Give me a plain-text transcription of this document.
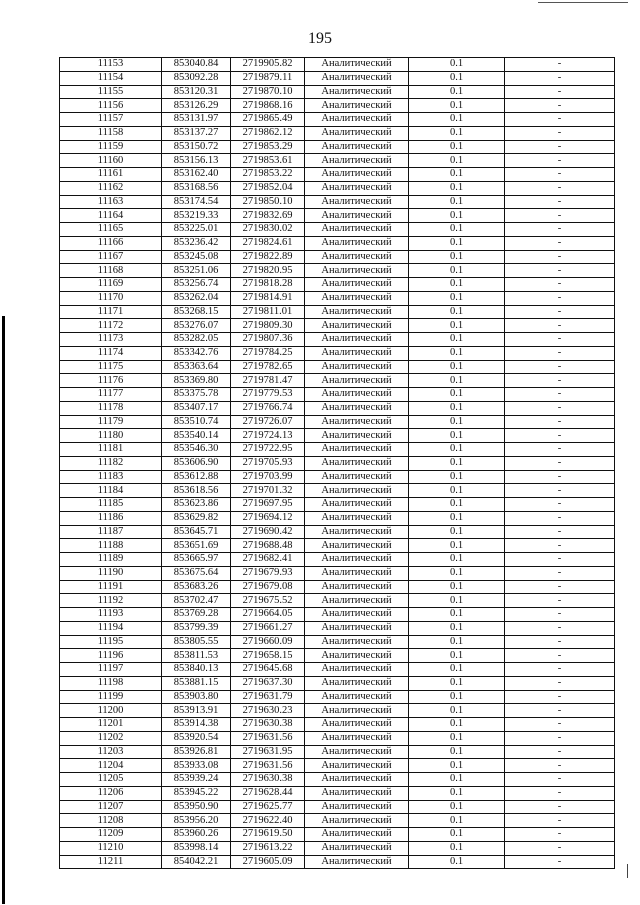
195
11153	853040.84	2719905.82	Аналитический	0.1	-
11154	853092.28	2719879.11	Аналитический	0.1	-
11155	853120.31	2719870.10	Аналитический	0.1	-
11156	853126.29	2719868.16	Аналитический	0.1	-
11157	853131.97	2719865.49	Аналитический	0.1	-
11158	853137.27	2719862.12	Аналитический	0.1	-
11159	853150.72	2719853.29	Аналитический	0.1	-
11160	853156.13	2719853.61	Аналитический	0.1	-
11161	853162.40	2719853.22	Аналитический	0.1	-
11162	853168.56	2719852.04	Аналитический	0.1	-
11163	853174.54	2719850.10	Аналитический	0.1	-
11164	853219.33	2719832.69	Аналитический	0.1	-
11165	853225.01	2719830.02	Аналитический	0.1	-
11166	853236.42	2719824.61	Аналитический	0.1	-
11167	853245.08	2719822.89	Аналитический	0.1	-
11168	853251.06	2719820.95	Аналитический	0.1	-
11169	853256.74	2719818.28	Аналитический	0.1	-
11170	853262.04	2719814.91	Аналитический	0.1	-
11171	853268.15	2719811.01	Аналитический	0.1	-
11172	853276.07	2719809.30	Аналитический	0.1	-
11173	853282.05	2719807.36	Аналитический	0.1	-
11174	853342.76	2719784.25	Аналитический	0.1	-
11175	853363.64	2719782.65	Аналитический	0.1	-
11176	853369.80	2719781.47	Аналитический	0.1	-
11177	853375.78	2719779.53	Аналитический	0.1	-
11178	853407.17	2719766.74	Аналитический	0.1	-
11179	853510.74	2719726.07	Аналитический	0.1	-
11180	853540.14	2719724.13	Аналитический	0.1	-
11181	853546.30	2719722.95	Аналитический	0.1	-
11182	853606.90	2719705.93	Аналитический	0.1	-
11183	853612.88	2719703.99	Аналитический	0.1	-
11184	853618.56	2719701.32	Аналитический	0.1	-
11185	853623.86	2719697.95	Аналитический	0.1	-
11186	853629.82	2719694.12	Аналитический	0.1	-
11187	853645.71	2719690.42	Аналитический	0.1	-
11188	853651.69	2719688.48	Аналитический	0.1	-
11189	853665.97	2719682.41	Аналитический	0.1	-
11190	853675.64	2719679.93	Аналитический	0.1	-
11191	853683.26	2719679.08	Аналитический	0.1	-
11192	853702.47	2719675.52	Аналитический	0.1	-
11193	853769.28	2719664.05	Аналитический	0.1	-
11194	853799.39	2719661.27	Аналитический	0.1	-
11195	853805.55	2719660.09	Аналитический	0.1	-
11196	853811.53	2719658.15	Аналитический	0.1	-
11197	853840.13	2719645.68	Аналитический	0.1	-
11198	853881.15	2719637.30	Аналитический	0.1	-
11199	853903.80	2719631.79	Аналитический	0.1	-
11200	853913.91	2719630.23	Аналитический	0.1	-
11201	853914.38	2719630.38	Аналитический	0.1	-
11202	853920.54	2719631.56	Аналитический	0.1	-
11203	853926.81	2719631.95	Аналитический	0.1	-
11204	853933.08	2719631.56	Аналитический	0.1	-
11205	853939.24	2719630.38	Аналитический	0.1	-
11206	853945.22	2719628.44	Аналитический	0.1	-
11207	853950.90	2719625.77	Аналитический	0.1	-
11208	853956.20	2719622.40	Аналитический	0.1	-
11209	853960.26	2719619.50	Аналитический	0.1	-
11210	853998.14	2719613.22	Аналитический	0.1	-
11211	854042.21	2719605.09	Аналитический	0.1	-
